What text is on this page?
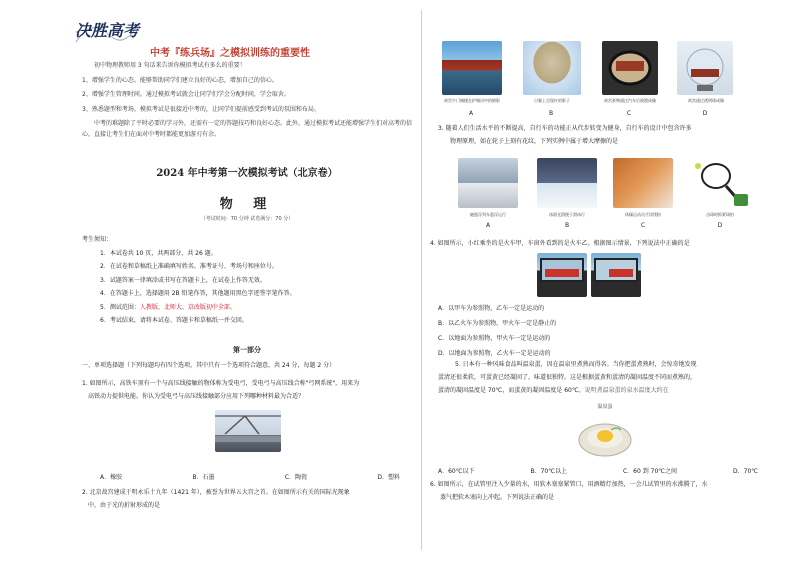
决胜高考
中考『练兵场』之模拟训练的重要性

初中物理教师用 3 句话来告诉你模拟考试有多么的重要！

1、增强学生的心态。能够帮助同学们建立良好的心态，增加自己的信心。

2、增强学生管理时间。通过模拟考试就会让同学们学会分配时间，学会取舍。

3、熟悉题型和考场。模拟考试是很接近中考的，让同学们提前感受到考试的氛围和布局。

中考的难题除了平时必要的学习外，还需有一定的答题技巧和良好心态。此外，通过模拟考试还能增强学生们对高考的信心，直接让考生们在面对中考时都能更加游刃有余。

2024 年中考第一次模拟考试（北京卷）
物 理
（考试时间：70 分钟 试卷满分：70 分）
考生须知：
1．本试卷共 10 页，共两部分，共 26 题。
2．在试卷和草稿纸上准确填写姓名、准考证号、考场号和座位号。
3．试题答案一律填涂或书写在答题卡上，在试卷上作答无效。
4．在答题卡上，选择题用 2B 铅笔作答，其他题用黑色字迹签字笔作答。
5．测试范围：人教版、北师大、京改版初中全部。
6．考试结束，请将本试卷、答题卡和草稿纸一并交回。
第一部分
一、单项选择题（下列每题均有四个选项，其中只有一个选项符合题意，共 24 分，每题 2 分）
1. 如图所示，高铁车顶有一个与高压线接触的物体称为受电弓，受电弓与高压线合称"弓网系统"，用来为
高铁动力提供电能。你认为受电弓与高压线接触部分应用下列哪种材料最为合适？
A．橡胶	B．石墨	C．陶瓷	D．塑料
2. 北京故宫建成于明永乐十九年（1421 年），被誉为世界五大宫之首。在如图所示有关的国际光现象
中，由于光的折射形成的是
故宫午门城楼在护城河中的倒影	日晷上呈现针的影子	故宫景物通过汽车后视镜成像	故宫通过透明球成像
A	B	C	D
3. 随着人们生活水平的不断提高，自行车的功能正从代步转变为健身，自行车的设计中包含许多
物理原理，如在轮子上刻有花纹，下列实例中属于增大摩擦的是
磁悬浮列车悬浮运行	冰面光滑便于滑冰行	体操运动员手涂镁粉	击球时抓紧球拍
A	B	C	D
4. 如图所示，小红乘坐的是火车甲，车窗外看到的是火车乙。根据图示情景，下列说法中正确的是
A．以甲车为参照物，乙车一定是运动的
B．以乙火车为参照物，甲火车一定是静止的
C．以地面为参照物，甲火车一定是运动的
D．以地面为参照物，乙火车一定是运动的
5. 日本有一种风味食品叫温泉蛋，因在温泉里煮熟而得名。当你把蛋煮熟时，会惊奇地发现
蛋清还很柔软，可蛋黄已经凝固了，味道很独特。这是根据蛋黄和蛋清的凝固温度不同而煮熟的，
蛋清的凝固温度是 70℃，而蛋黄的凝固温度是 60℃。说明煮温泉蛋的泉水温度大约在
温泉蛋
A．60℃以下	B．70℃以上	C．60 到 70℃之间	D．70℃
6. 如图所示，在试管里注入少量的水，用软木塞塞紧管口，用酒精灯加热，一会儿试管里的水沸腾了，水
蒸气把软木塞向上冲起。下列说法正确的是
